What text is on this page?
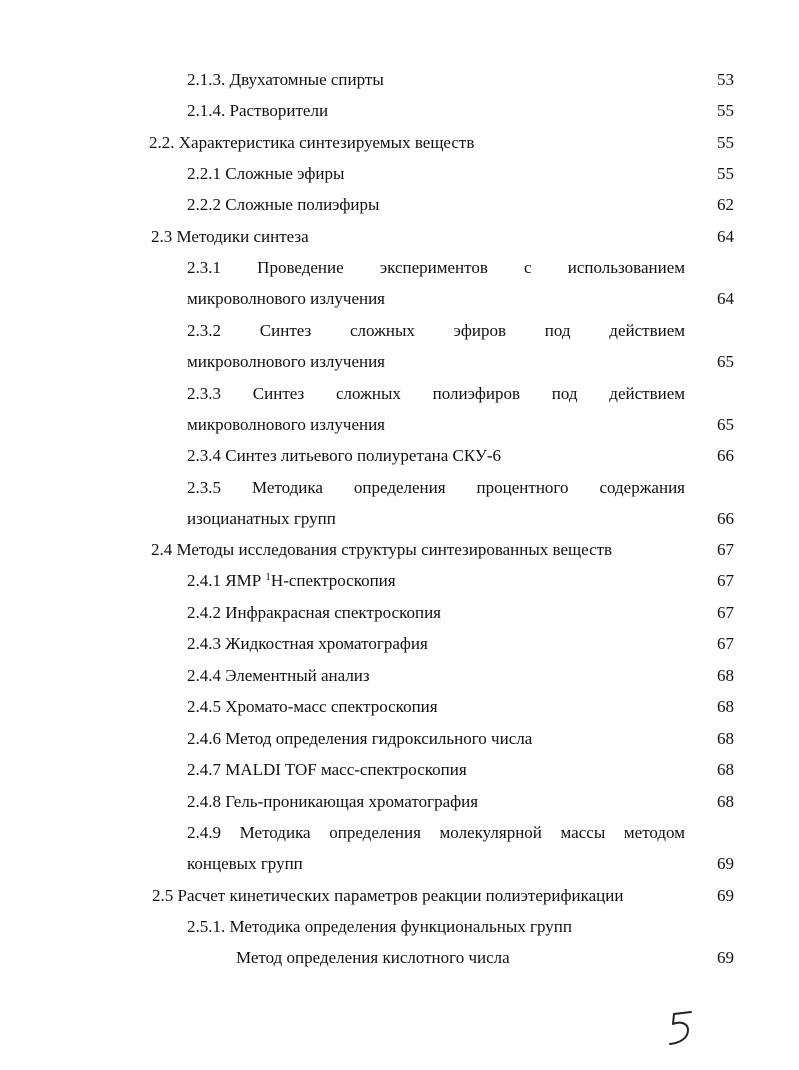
2.1.3. Двухатомные спирты	53
2.1.4. Растворители	55
2.2. Характеристика синтезируемых веществ	55
2.2.1 Сложные эфиры	55
2.2.2 Сложные полиэфиры	62
2.3 Методики синтеза	64
2.3.1 Проведение экспериментов с использованием
микроволнового излучения	64
2.3.2 Синтез сложных эфиров под действием
микроволнового излучения	65
2.3.3 Синтез сложных полиэфиров под действием
микроволнового излучения	65
2.3.4 Синтез литьевого полиуретана СКУ-6	66
2.3.5 Методика определения процентного содержания
изоцианатных групп	66
2.4 Методы исследования структуры синтезированных веществ	67
2.4.1 ЯМР $^1$H-спектроскопия	67
2.4.2 Инфракрасная спектроскопия	67
2.4.3 Жидкостная хроматография	67
2.4.4 Элементный анализ	68
2.4.5 Хромато-масс спектроскопия	68
2.4.6 Метод определения гидроксильного числа	68
2.4.7 MALDI TOF масс-спектроскопия	68
2.4.8 Гель-проникающая хроматография	68
2.4.9 Методика определения молекулярной массы методом
концевых групп	69
2.5 Расчет кинетических параметров реакции полиэтерификации	69
2.5.1. Методика определения функциональных групп
Метод определения кислотного числа	69
